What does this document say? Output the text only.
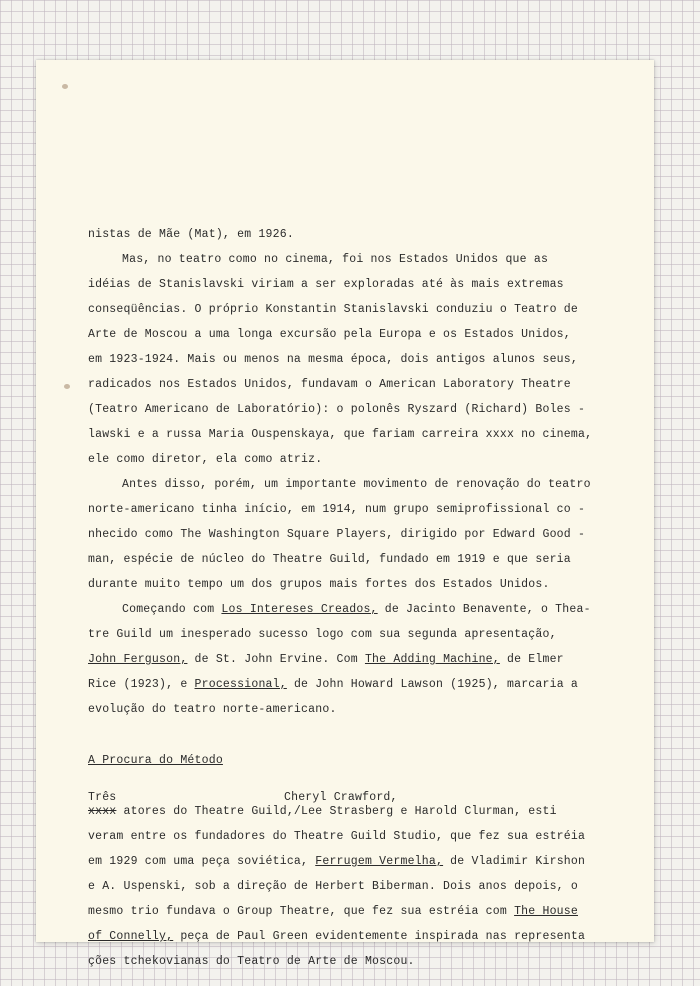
nistas de Mãe (Mat), em 1926.

Mas, no teatro como no cinema, foi nos Estados Unidos que as

idéias de Stanislavski viriam a ser exploradas até às mais extremas

conseqüências. O próprio Konstantin Stanislavski conduziu o Teatro de

Arte de Moscou a uma longa excursão pela Europa e os Estados Unidos,

em 1923-1924. Mais ou menos na mesma época, dois antigos alunos seus,

radicados nos Estados Unidos, fundavam o American Laboratory Theatre

(Teatro Americano de Laboratório): o polonês Ryszard (Richard) Boles -

lawski e a russa Maria Ouspenskaya, que fariam carreira xxxx no cinema,

ele como diretor, ela como atriz.

Antes disso, porém, um importante movimento de renovação do teatro

norte-americano tinha início, em 1914, num grupo semiprofissional co -

nhecido como The Washington Square Players, dirigido por Edward Good -

man, espécie de núcleo do Theatre Guild, fundado em 1919 e que seria

durante muito tempo um dos grupos mais fortes dos Estados Unidos.

Começando com Los Intereses Creados, de Jacinto Benavente, o Thea-

tre Guild um inesperado sucesso logo com sua segunda apresentação,

John Ferguson, de St. John Ervine. Com The Adding Machine, de Elmer

Rice (1923), e Processional, de John Howard Lawson (1925), marcaria a

evolução do teatro norte-americano.

A Procura do Método

Três	Cheryl Crawford,
xxxx atores do Theatre Guild,/Lee Strasberg e Harold Clurman, esti

veram entre os fundadores do Theatre Guild Studio, que fez sua estréia

em 1929 com uma peça soviética, Ferrugem Vermelha, de Vladimir Kirshon

e A. Uspenski, sob a direção de Herbert Biberman. Dois anos depois, o

mesmo trio fundava o Group Theatre, que fez sua estréia com The House

of Connelly, peça de Paul Green evidentemente inspirada nas representa

ções tchekovianas do Teatro de Arte de Moscou.
